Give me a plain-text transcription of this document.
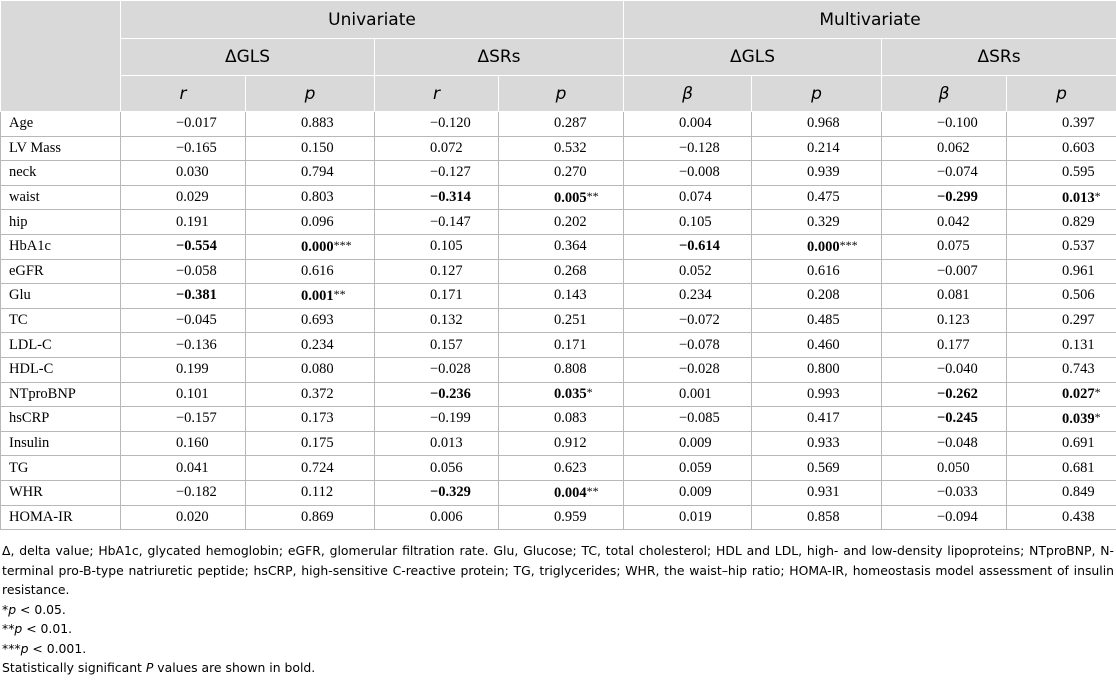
	Univariate				Multivariate			
	ΔGLS		ΔSRs		ΔGLS		ΔSRs	
	r	p	r	p	β	p	β	p
Age	−0.017	0.883	−0.120	0.287	0.004	0.968	−0.100	0.397
LV Mass	−0.165	0.150	0.072	0.532	−0.128	0.214	0.062	0.603
neck	0.030	0.794	−0.127	0.270	−0.008	0.939	−0.074	0.595
waist	0.029	0.803	−0.314	0.005**	0.074	0.475	−0.299	0.013*
hip	0.191	0.096	−0.147	0.202	0.105	0.329	0.042	0.829
HbA1c	−0.554	0.000***	0.105	0.364	−0.614	0.000***	0.075	0.537
eGFR	−0.058	0.616	0.127	0.268	0.052	0.616	−0.007	0.961
Glu	−0.381	0.001**	0.171	0.143	0.234	0.208	0.081	0.506
TC	−0.045	0.693	0.132	0.251	−0.072	0.485	0.123	0.297
LDL-C	−0.136	0.234	0.157	0.171	−0.078	0.460	0.177	0.131
HDL-C	0.199	0.080	−0.028	0.808	−0.028	0.800	−0.040	0.743
NTproBNP	0.101	0.372	−0.236	0.035*	0.001	0.993	−0.262	0.027*
hsCRP	−0.157	0.173	−0.199	0.083	−0.085	0.417	−0.245	0.039*
Insulin	0.160	0.175	0.013	0.912	0.009	0.933	−0.048	0.691
TG	0.041	0.724	0.056	0.623	0.059	0.569	0.050	0.681
WHR	−0.182	0.112	−0.329	0.004**	0.009	0.931	−0.033	0.849
HOMA-IR	0.020	0.869	0.006	0.959	0.019	0.858	−0.094	0.438

Δ, delta value; HbA1c, glycated hemoglobin; eGFR, glomerular filtration rate. Glu, Glucose; TC, total cholesterol; HDL and LDL, high- and low-density lipoproteins; NTproBNP, N-terminal pro-B-type natriuretic peptide; hsCRP, high-sensitive C-reactive protein; TG, triglycerides; WHR, the waist–hip ratio; HOMA-IR, homeostasis model assessment of insulin resistance.

*p < 0.05.

**p < 0.01.

***p < 0.001.

Statistically significant P values are shown in bold.
